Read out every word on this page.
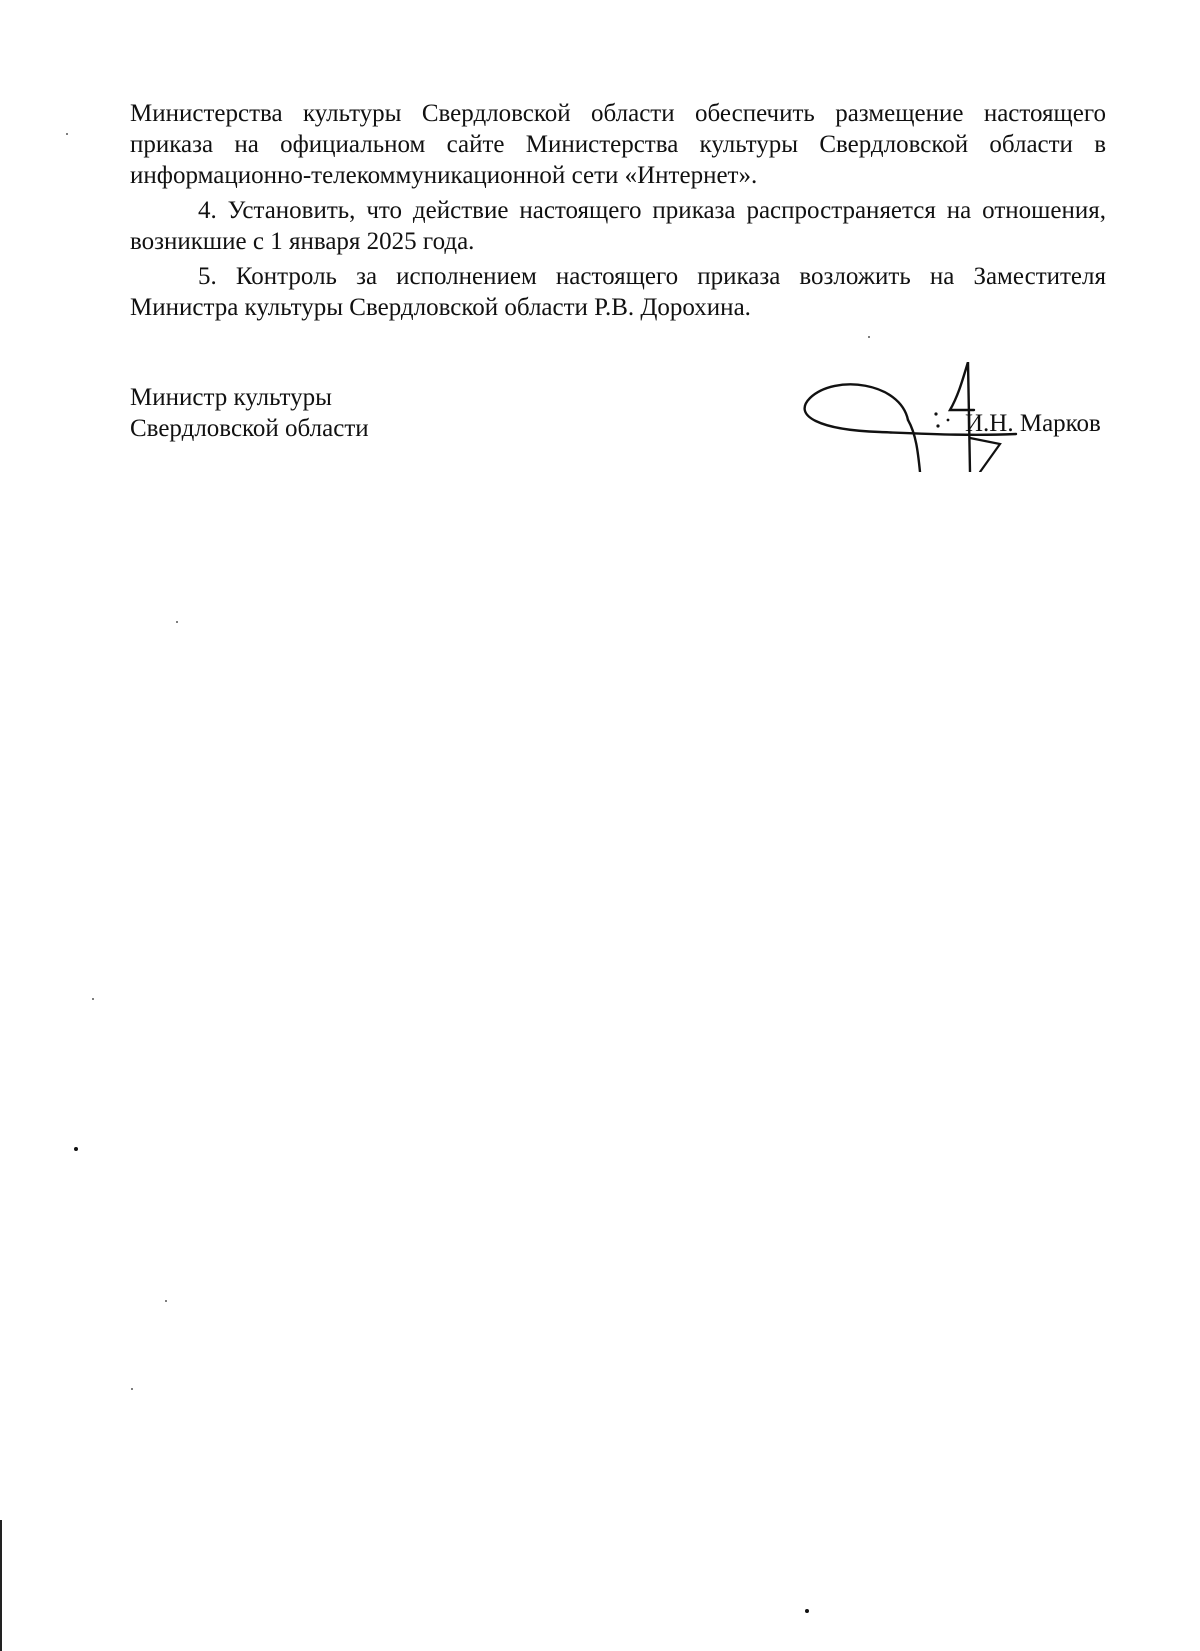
Министерства культуры Свердловской области обеспечить размещение настоящего приказа на официальном сайте Министерства культуры Свердловской области в информационно-телекоммуникационной сети «Интернет».

4. Установить, что действие настоящего приказа распространяется на отношения, возникшие с 1 января 2025 года.

5. Контроль за исполнением настоящего приказа возложить на Заместителя Министра культуры Свердловской области Р.В. Дорохина.

Министр культуры
Свердловской области	И.Н. Марков
